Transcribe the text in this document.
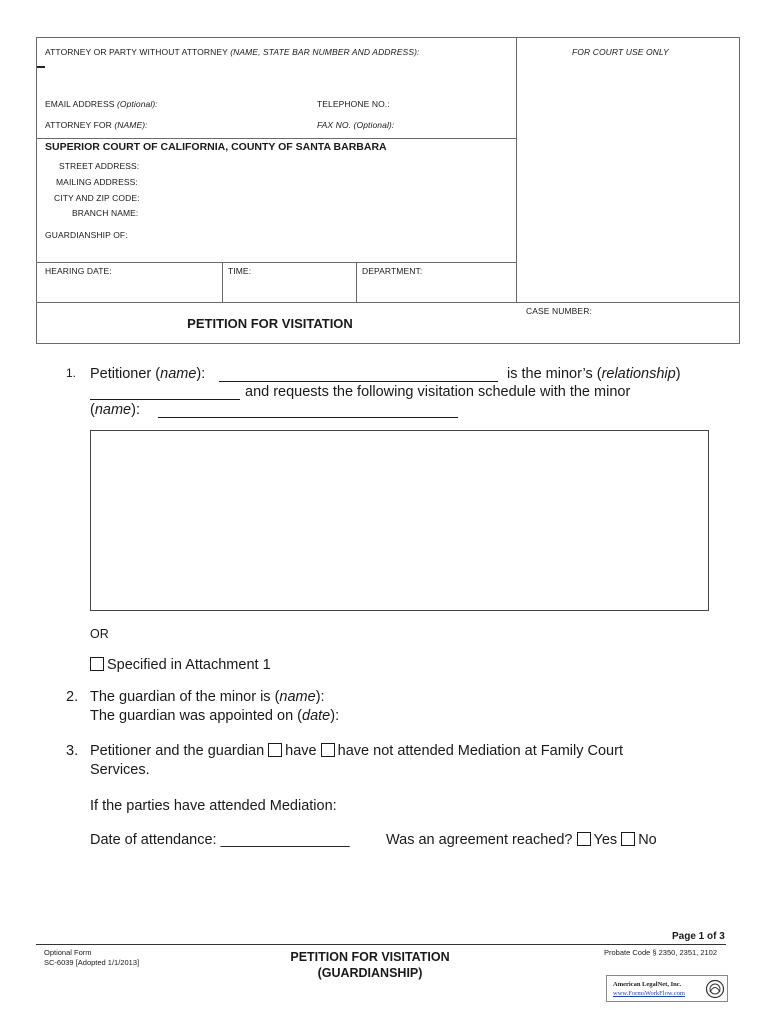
ATTORNEY OR PARTY WITHOUT ATTORNEY (NAME, STATE BAR NUMBER AND ADDRESS):	FOR COURT USE ONLY
EMAIL ADDRESS (Optional):	TELEPHONE NO.:
ATTORNEY FOR (NAME):	FAX NO. (Optional):
SUPERIOR COURT OF CALIFORNIA, COUNTY OF SANTA BARBARA
STREET ADDRESS:
MAILING ADDRESS:
CITY AND ZIP CODE:
BRANCH NAME:
GUARDIANSHIP OF:
HEARING DATE:	TIME:	DEPARTMENT:
CASE NUMBER:
PETITION FOR VISITATION
1. Petitioner (name):	is the minor’s (relationship)
and requests the following visitation schedule with the minor
(name):
OR
Specified in Attachment 1
2. The guardian of the minor is (name):
The guardian was appointed on (date):
3. Petitioner and the guardian have have not attended Mediation at Family Court
Services.
If the parties have attended Mediation:
Date of attendance: ________________	Was an agreement reached? Yes No
Page 1 of 3
Optional Form
SC-6039 [Adopted 1/1/2013]	PETITION FOR VISITATION
(GUARDIANSHIP)
Probate Code § 2350, 2351, 2102
American LegalNet, Inc.
www.FormsWorkFlow.com
